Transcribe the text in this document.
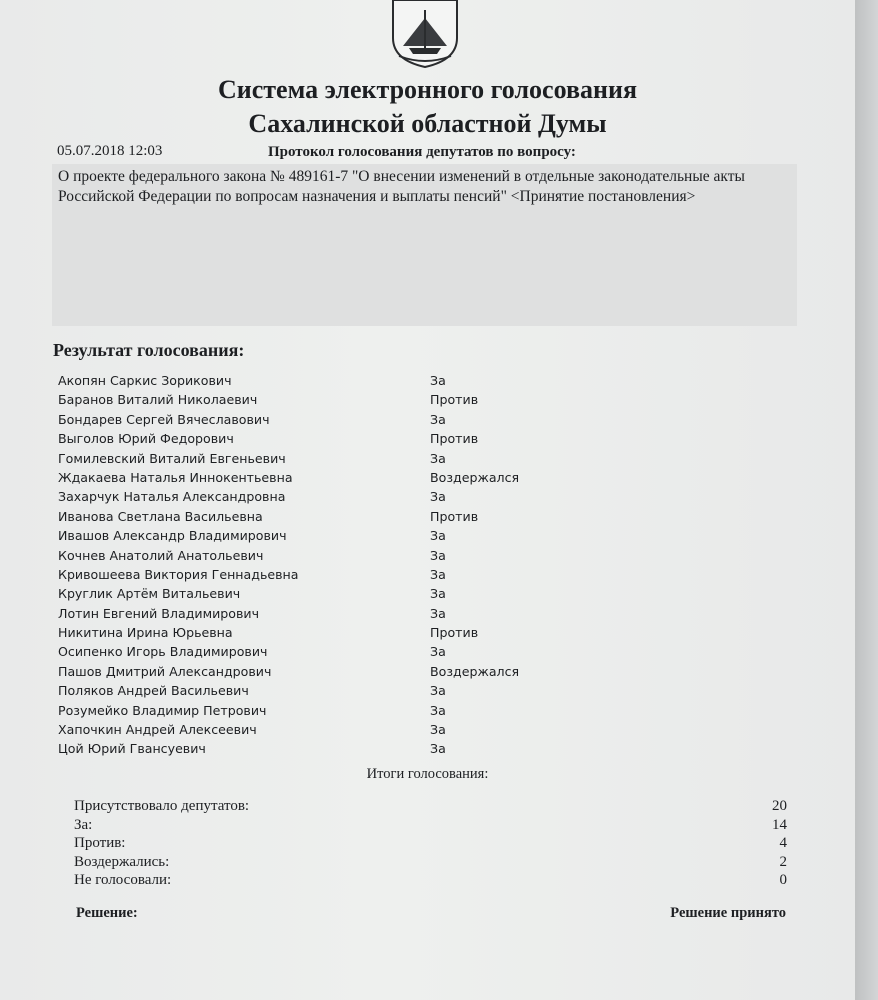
Система электронного голосования
Сахалинской областной Думы
05.07.2018 12:03	Протокол голосования депутатов по вопросу:
О проекте федерального закона № 489161-7 "О внесении изменений в отдельные законодательные акты
Российской Федерации по вопросам назначения и выплаты пенсий" <Принятие постановления>
Результат голосования:
Акопян Саркис Зорикович	За
Баранов Виталий Николаевич	Против
Бондарев Сергей Вячеславович	За
Выголов Юрий Федорович	Против
Гомилевский Виталий Евгеньевич	За
Ждакаева Наталья Иннокентьевна	Воздержался
Захарчук Наталья Александровна	За
Иванова Светлана Васильевна	Против
Ивашов Александр Владимирович	За
Кочнев Анатолий Анатольевич	За
Кривошеева Виктория Геннадьевна	За
Круглик Артём Витальевич	За
Лотин Евгений Владимирович	За
Никитина Ирина Юрьевна	Против
Осипенко Игорь Владимирович	За
Пашов Дмитрий Александрович	Воздержался
Поляков Андрей Васильевич	За
Розумейко Владимир Петрович	За
Хапочкин Андрей Алексеевич	За
Цой Юрий Гвансуевич	За
Итоги голосования:
Присутствовало депутатов:	20
За:	14
Против:	4
Воздержались:	2
Не голосовали:	0
Решение:	Решение принято
